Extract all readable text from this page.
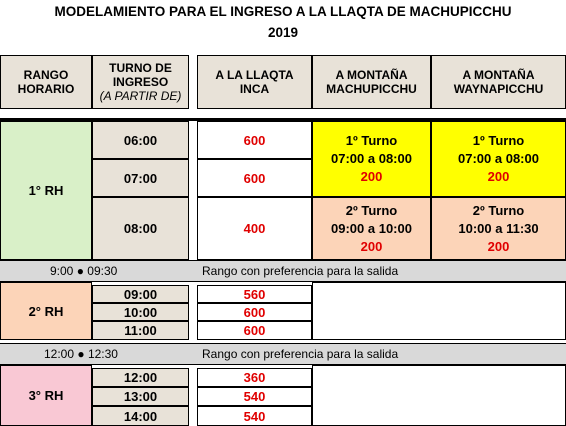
MODELAMIENTO PARA EL INGRESO A LA LLAQTA DE MACHUPICCHU
2019
RANGO HORARIO
TURNO DE INGRESO
(A PARTIR DE)
A LA LLAQTA INCA
A MONTAÑA MACHUPICCHU
A MONTAÑA WAYNAPICCHU
1° RH
06:00
07:00
08:00
600
600
400
1º Turno
07:00 a 08:00
200
2º Turno
09:00 a 10:00
200
1º Turno
07:00 a 08:00
200
2º Turno
10:00 a 11:30
200
9:00 ● 09:30	Rango con preferencia para la salida
2° RH
09:00
10:00
11:00
560
600
600
12:00 ● 12:30	Rango con preferencia para la salida
3° RH
12:00
13:00
14:00
360
540
540
